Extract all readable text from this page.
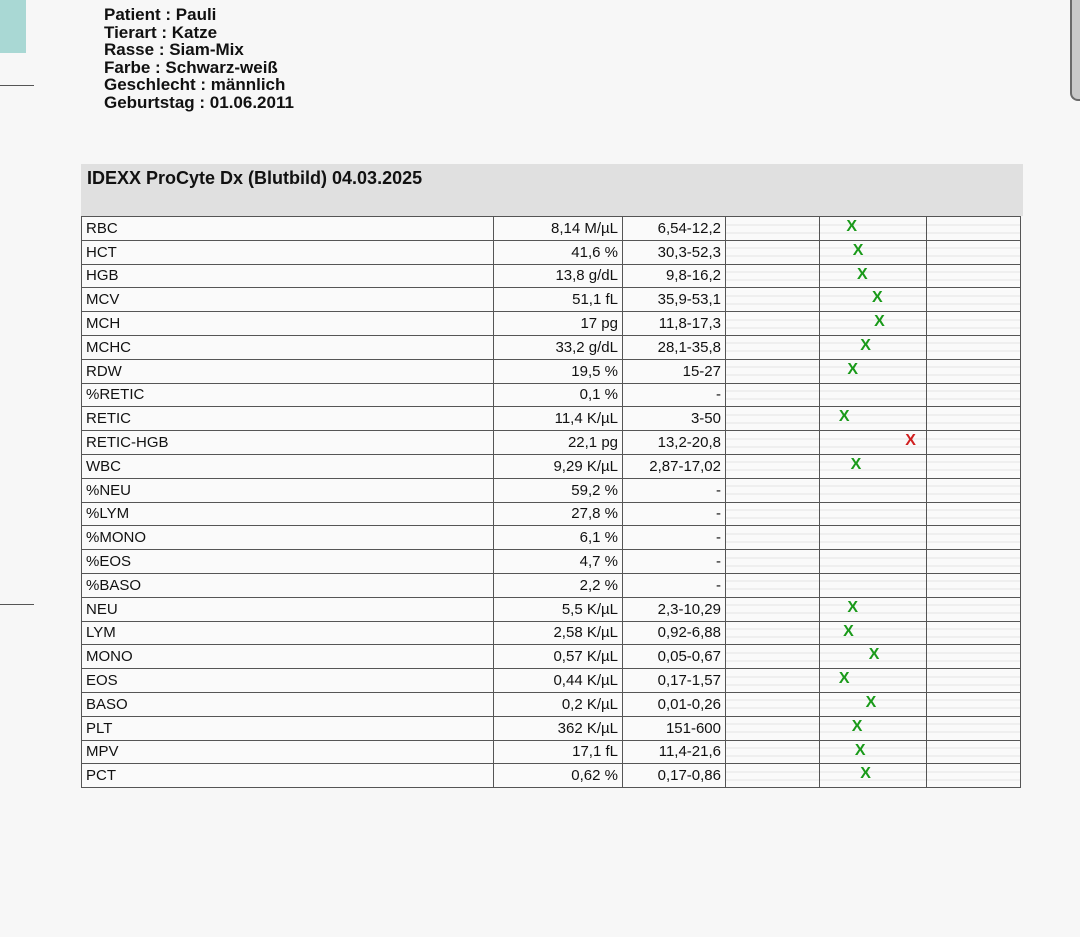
Patient : Pauli
Tierart : Katze
Rasse : Siam-Mix
Farbe : Schwarz-weiß
Geschlecht : männlich
Geburtstag : 01.06.2011
IDEXX ProCyte Dx (Blutbild) 04.03.2025
RBC	8,14 M/µL	6,54-12,2		X	

HCT	41,6 %	30,3-52,3		X	

HGB	13,8 g/dL	9,8-16,2		X	

MCV	51,1 fL	35,9-53,1		X	

MCH	17 pg	11,8-17,3		X	

MCHC	33,2 g/dL	28,1-35,8		X	

RDW	19,5 %	15-27		X	

%RETIC	0,1 %	-			
RETIC	11,4 K/µL	3-50		X	

RETIC-HGB	22,1 pg	13,2-20,8		X	

WBC	9,29 K/µL	2,87-17,02		X	

%NEU	59,2 %	-			
%LYM	27,8 %	-			
%MONO	6,1 %	-			
%EOS	4,7 %	-			
%BASO	2,2 %	-			
NEU	5,5 K/µL	2,3-10,29		X	

LYM	2,58 K/µL	0,92-6,88		X	

MONO	0,57 K/µL	0,05-0,67		X	

EOS	0,44 K/µL	0,17-1,57		X	

BASO	0,2 K/µL	0,01-0,26		X	

PLT	362 K/µL	151-600		X	

MPV	17,1 fL	11,4-21,6		X	

PCT	0,62 %	0,17-0,86		X	
